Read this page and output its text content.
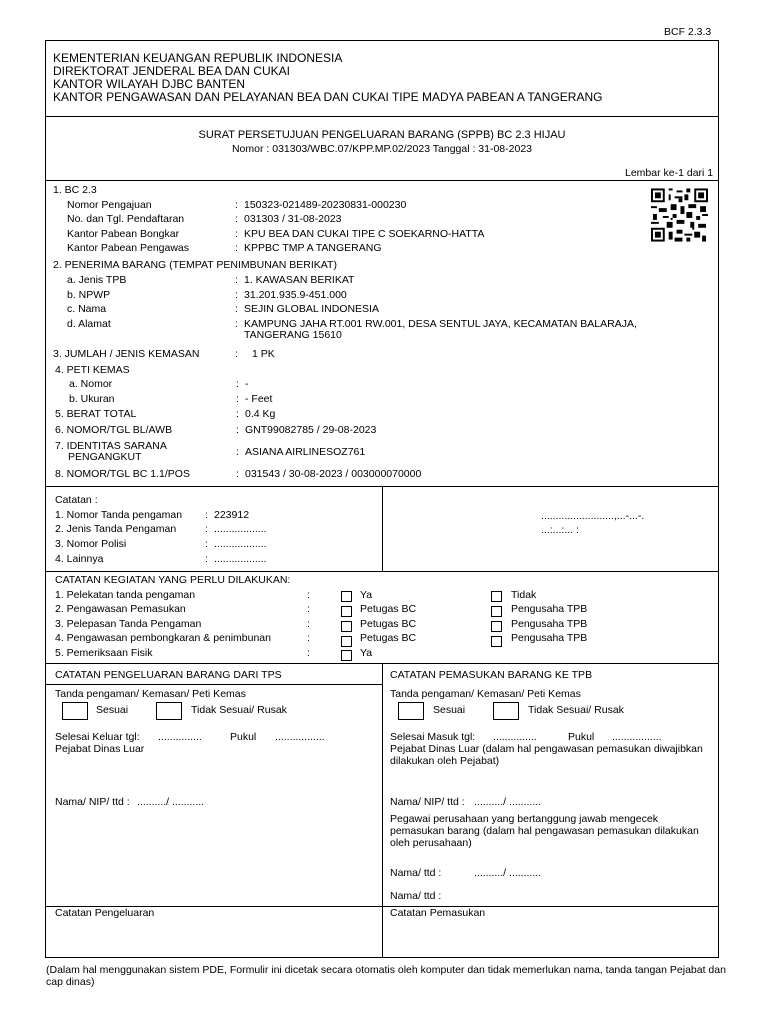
BCF 2.3.3
KEMENTERIAN KEUANGAN REPUBLIK INDONESIA
DIREKTORAT JENDERAL BEA DAN CUKAI
KANTOR WILAYAH DJBC BANTEN
KANTOR PENGAWASAN DAN PELAYANAN BEA DAN CUKAI TIPE MADYA PABEAN A TANGERANG
SURAT PERSETUJUAN PENGELUARAN BARANG (SPPB) BC 2.3 HIJAU
Nomor : 031303/WBC.07/KPP.MP.02/2023 Tanggal : 31-08-2023
Lembar ke-1 dari 1
1. BC 2.3
Nomor Pengajuan	: 150323-021489-20230831-000230
No. dan Tgl. Pendaftaran	: 031303 / 31-08-2023
Kantor Pabean Bongkar	: KPU BEA DAN CUKAI TIPE C SOEKARNO-HATTA
Kantor Pabean Pengawas	: KPPBC TMP A TANGERANG
2. PENERIMA BARANG (TEMPAT PENIMBUNAN BERIKAT)
a. Jenis TPB	: 1. KAWASAN BERIKAT
b. NPWP	: 31.201.935.9-451.000
c. Nama	: SEJIN GLOBAL INDONESIA
d. Alamat	: KAMPUNG JAHA RT.001 RW.001, DESA SENTUL JAYA, KECAMATAN BALARAJA,
TANGERANG 15610
3. JUMLAH / JENIS KEMASAN	: 1 PK
4. PETI KEMAS
a. Nomor	: -
b. Ukuran	: - Feet
5. BERAT TOTAL	: 0.4 Kg
6. NOMOR/TGL BL/AWB	: GNT99082785 / 29-08-2023
7. IDENTITAS SARANA
PENGANGKUT	: ASIANA AIRLINESOZ761
8. NOMOR/TGL BC 1.1/POS	: 031543 / 30-08-2023 / 003000070000
Catatan :
1. Nomor Tanda pengaman : 223912
2. Jenis Tanda Pengaman	: ..................
3. Nomor Polisi	: ..................
4. Lainnya	: ..................
.........................,...-...-.
...:...:... :
CATATAN KEGIATAN YANG PERLU DILAKUKAN:
1. Pelekatan tanda pengaman	:	Ya	Tidak
2. Pengawasan Pemasukan	:	Petugas BC	Pengusaha TPB
3. Pelepasan Tanda Pengaman	:	Petugas BC	Pengusaha TPB
4. Pengawasan pembongkaran & penimbunan	:	Petugas BC	Pengusaha TPB
5. Pemeriksaan Fisik	:	Ya
CATATAN PENGELUARAN BARANG DARI TPS
Tanda pengaman/ Kemasan/ Peti Kemas
Sesuai	Tidak Sesuai/ Rusak
Selesai Keluar tgl: ...............	Pukul .................
Pejabat Dinas Luar
Nama/ NIP/ ttd : ........../ ...........
Catatan Pengeluaran
CATATAN PEMASUKAN BARANG KE TPB
Tanda pengaman/ Kemasan/ Peti Kemas
Sesuai	Tidak Sesuai/ Rusak
Selesai Masuk tgl: ...............	Pukul .................
Pejabat Dinas Luar (dalam hal pengawasan pemasukan diwajibkan
dilakukan oleh Pejabat)
Nama/ NIP/ ttd : ........../ ...........
Pegawai perusahaan yang bertanggung jawab mengecek
pemasukan barang (dalam hal pengawasan pemasukan dilakukan
oleh perusahaan)
Nama/ ttd :	........../ ...........
Nama/ ttd :
Catatan Pemasukan
(Dalam hal menggunakan sistem PDE, Formulir ini dicetak secara otomatis oleh komputer dan tidak memerlukan nama, tanda tangan Pejabat dan
cap dinas)
